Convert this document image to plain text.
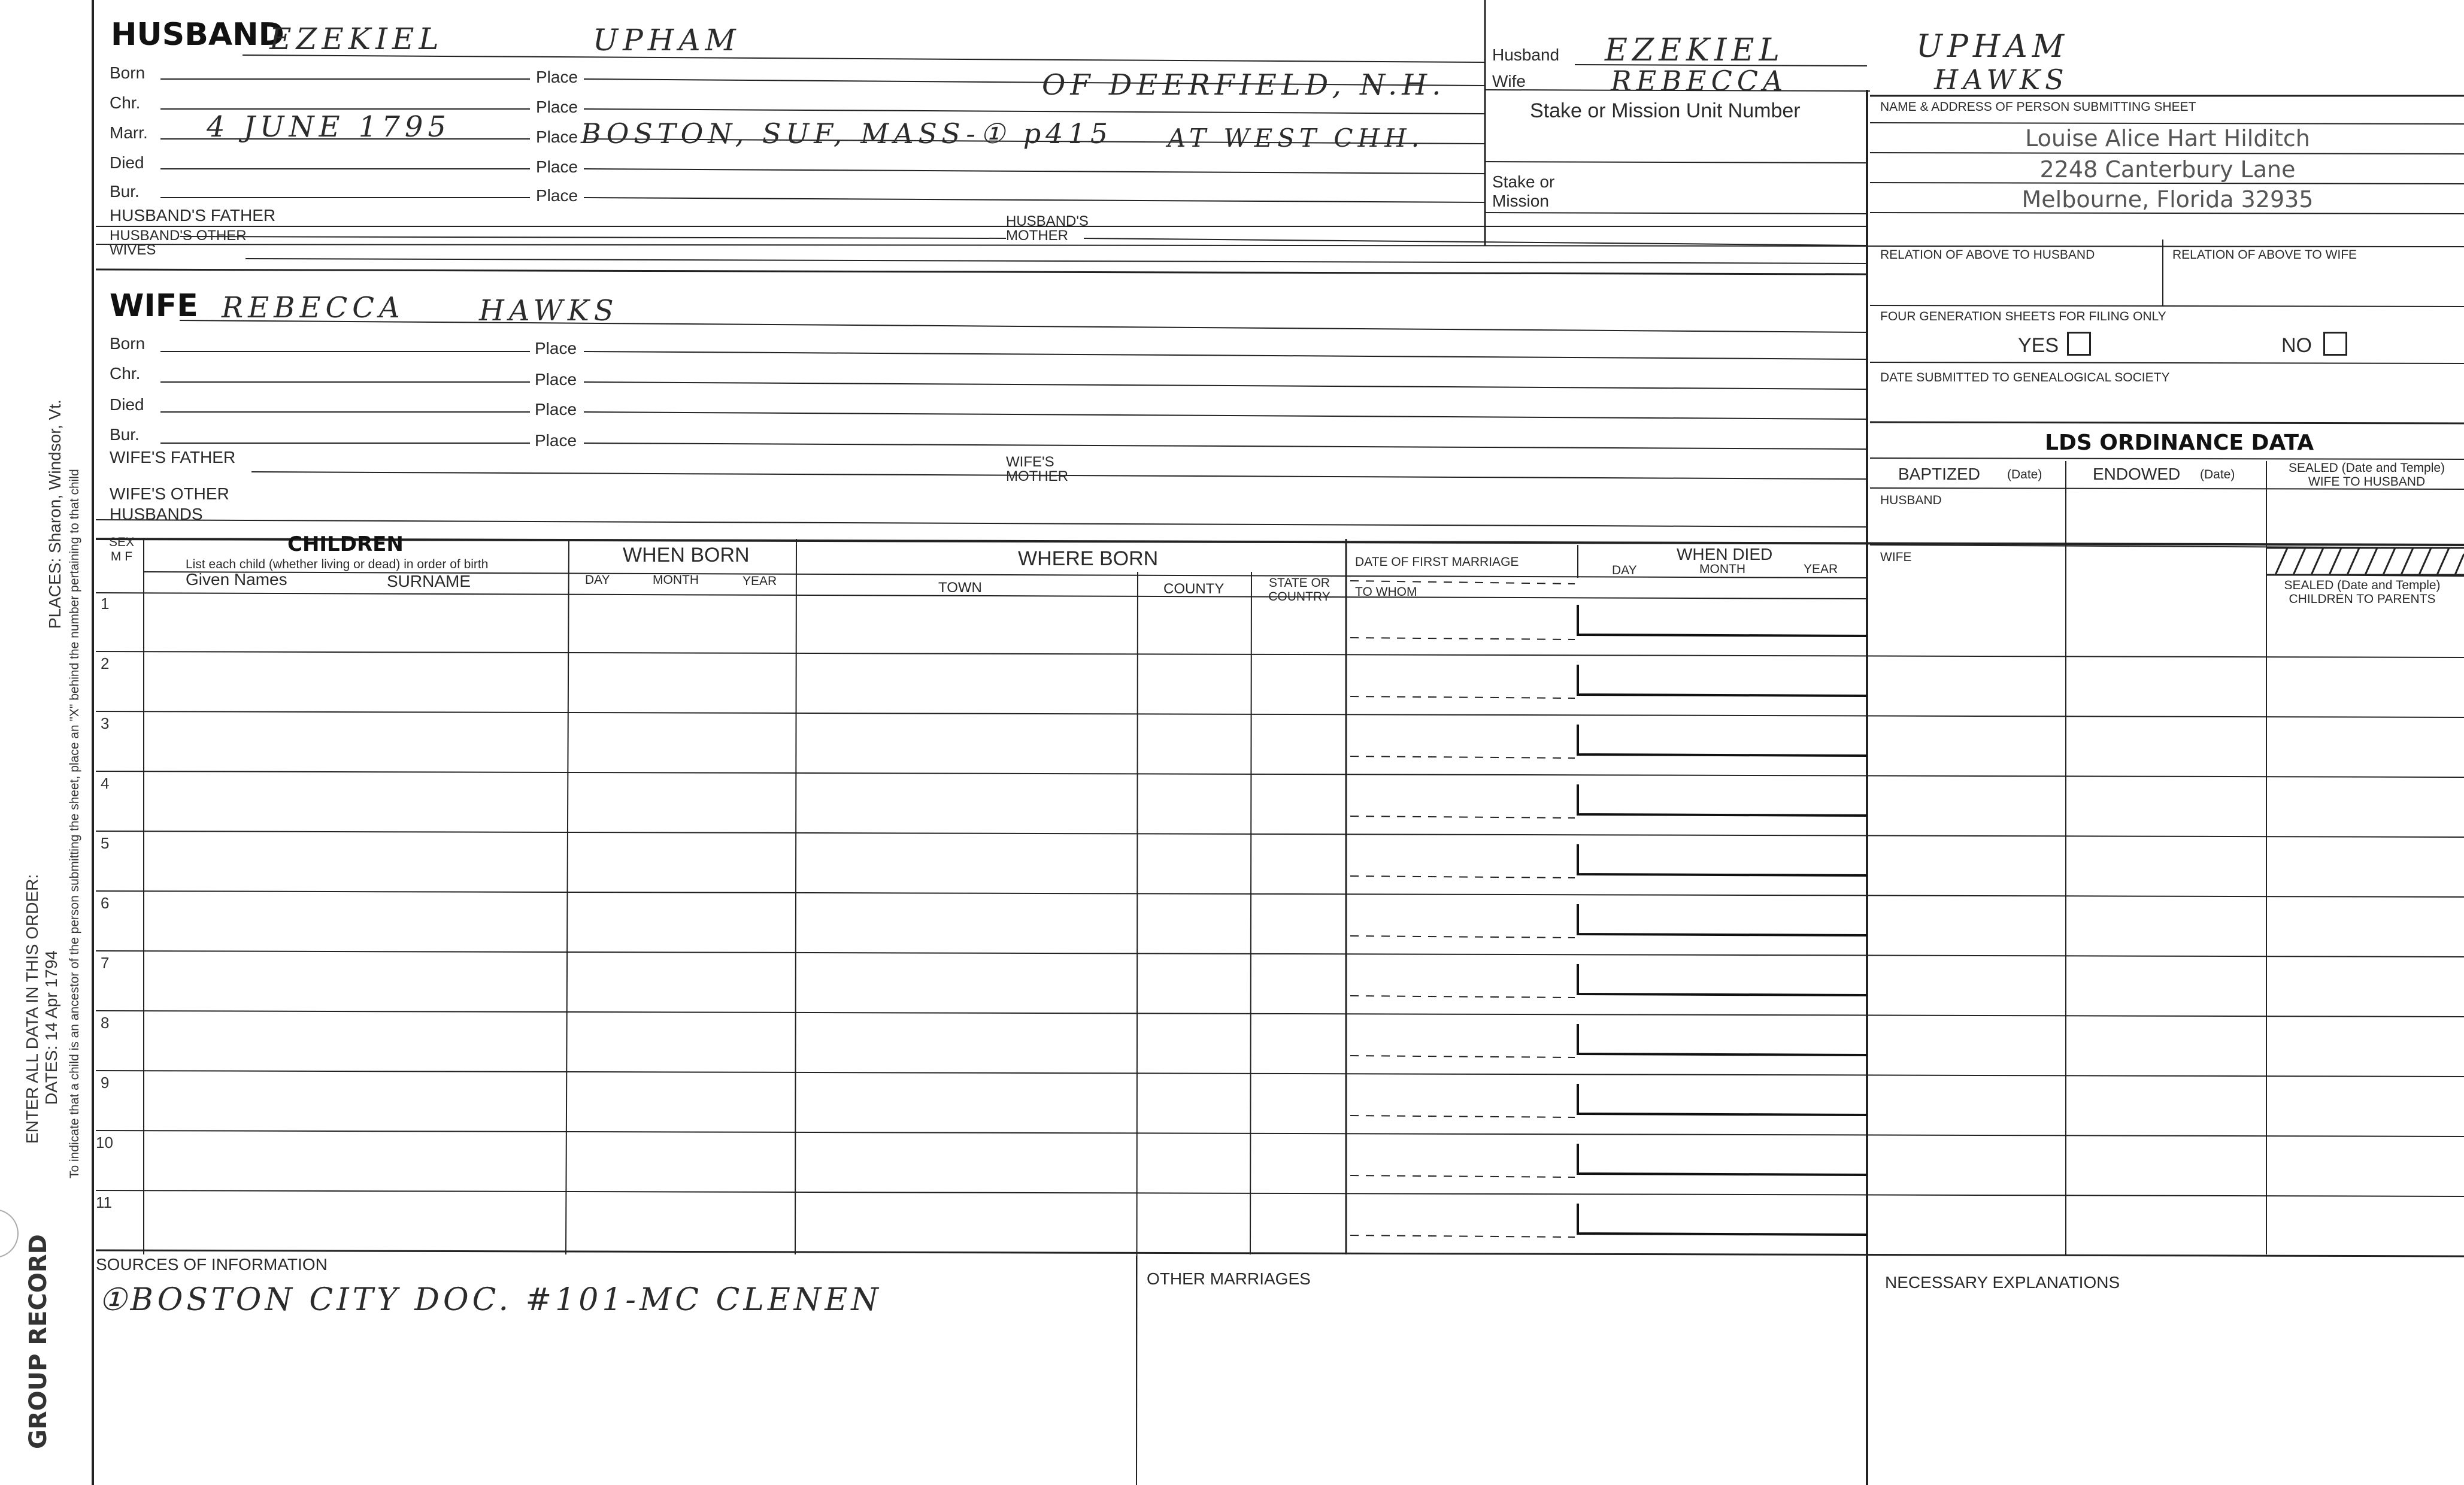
PLACES: Sharon, Windsor, Vt.
ENTER ALL DATA IN THIS ORDER: DATES: 14 Apr 1794 To indicate that a child is an ancestor of the person submitting the sheet, place an "X" behind the number pertaining to that child
GROUP RECORD
HUSBAND
EZEKIEL	UPHAM
Born	Place
Chr.	Place
OF DEERFIELD, N.H.
Marr. 4 JUNE 1795	Place BOSTON, SUF, MASS-① p415 AT WEST CHH.
Died	Place
Bur.	Place
HUSBAND'S FATHER	HUSBAND'S MOTHER
HUSBAND'S OTHER WIVES
WIFE REBECCA	HAWKS
Born	Place
Chr.	Place
Died	Place
Bur.	Place
WIFE'S FATHER	WIFE'S MOTHER
WIFE'S OTHER HUSBANDS
Husband EZEKIEL	UPHAM
Wife	REBECCA	HAWKS
Stake or Mission Unit Number
Stake or Mission
NAME & ADDRESS OF PERSON SUBMITTING SHEET
Louise Alice Hart Hilditch
2248 Canterbury Lane
Melbourne, Florida 32935
RELATION OF ABOVE TO HUSBAND	RELATION OF ABOVE TO WIFE
FOUR GENERATION SHEETS FOR FILING ONLY
YES	NO
DATE SUBMITTED TO GENEALOGICAL SOCIETY
LDS ORDINANCE DATA
BAPTIZED (Date)	ENDOWED (Date)	SEALED (Date and Temple) WIFE TO HUSBAND
HUSBAND
WIFE
SEALED (Date and Temple) CHILDREN TO PARENTS
SEX M F
CHILDREN
List each child (whether living or dead) in order of birth
Given Names	SURNAME
WHEN BORN
DAY	MONTH	YEAR
WHERE BORN
TOWN	COUNTY	STATE OR COUNTRY
DATE OF FIRST MARRIAGE
TO WHOM
WHEN DIED
DAY	MONTH	YEAR
1
2
3
4
5
6
7
8
9
10
11
SOURCES OF INFORMATION
①BOSTON CITY DOC. #101-MC CLENEN
OTHER MARRIAGES	NECESSARY EXPLANATIONS
